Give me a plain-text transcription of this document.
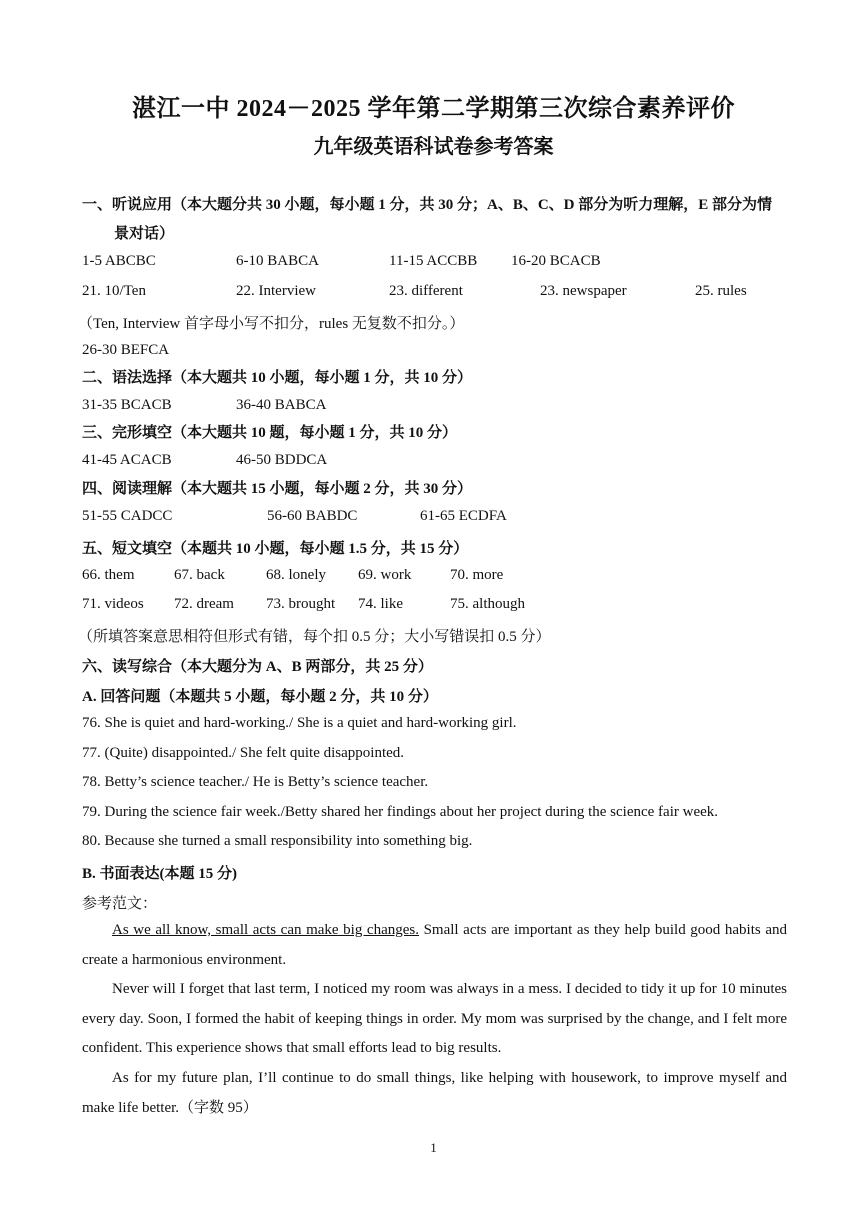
湛江一中 2024－2025 学年第二学期第三次综合素养评价
九年级英语科试卷参考答案
一、听说应用（本大题分共 30 小题，每小题 1 分，共 30 分；A、B、C、D 部分为听力理解，E 部分为情
景对话）
1-5 ABCBC	6-10 BABCA	11-15 ACCBB 16-20 BCACB
21. 10/Ten	22. Interview	23. different	23. newspaper	25. rules
（Ten, Interview 首字母小写不扣分，rules 无复数不扣分。）
26-30 BEFCA
二、语法选择（本大题共 10 小题，每小题 1 分，共 10 分）
31-35 BCACB	36-40 BABCA
三、完形填空（本大题共 10 题，每小题 1 分，共 10 分）
41-45 ACACB	46-50 BDDCA
四、阅读理解（本大题共 15 小题，每小题 2 分，共 30 分）
51-55 CADCC	56-60 BABDC	61-65 ECDFA
五、短文填空（本题共 10 小题，每小题 1.5 分，共 15 分）
66. them	67. back	68. lonely 69. work	70. more
71. videos 72. dream 73. brought 74. like	75. although
（所填答案意思相符但形式有错，每个扣 0.5 分；大小写错误扣 0.5 分）
六、读写综合（本大题分为 A、B 两部分，共 25 分）
A. 回答问题（本题共 5 小题，每小题 2 分，共 10 分）
76. She is quiet and hard-working./ She is a quiet and hard-working girl.
77. (Quite) disappointed./ She felt quite disappointed.
78. Betty’s science teacher./ He is Betty’s science teacher.
79. During the science fair week./Betty shared her findings about her project during the science fair week.
80. Because she turned a small responsibility into something big.
B. 书面表达(本题 15 分)
参考范文：
As we all know, small acts can make big changes. Small acts are important as they help build good habits and create a harmonious environment.
Never will I forget that last term, I noticed my room was always in a mess. I decided to tidy it up for 10 minutes every day. Soon, I formed the habit of keeping things in order. My mom was surprised by the change, and I felt more confident. This experience shows that small efforts lead to big results.
As for my future plan, I’ll continue to do small things, like helping with housework, to improve myself and make life better.（字数 95）
1
